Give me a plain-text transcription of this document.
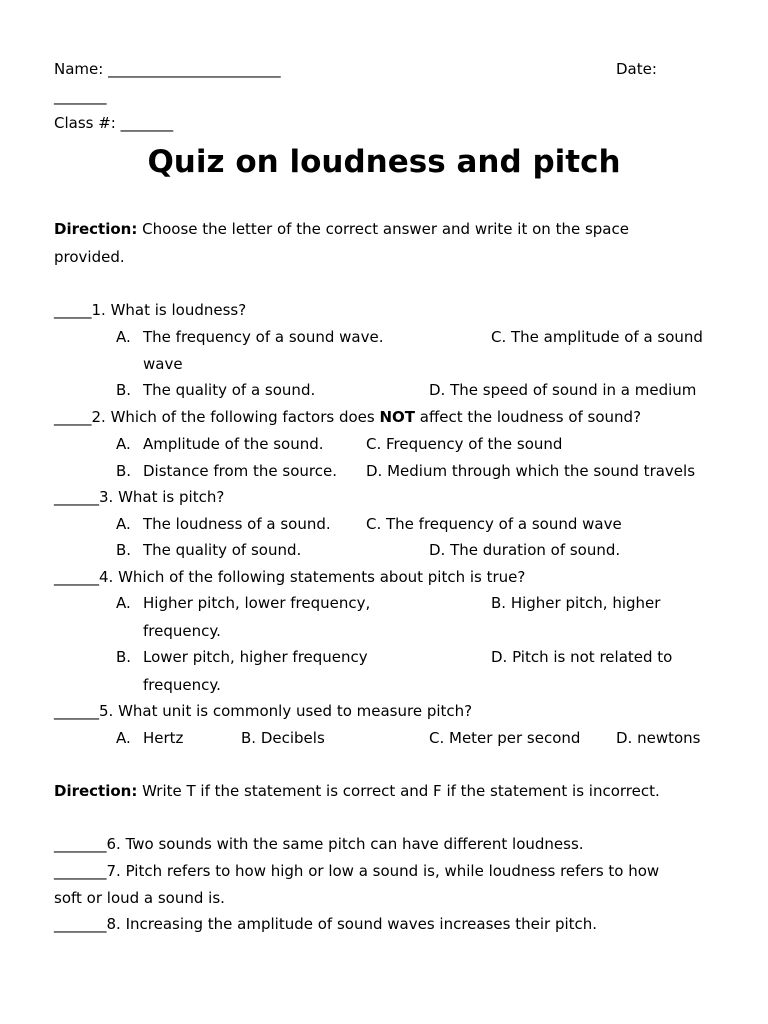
Name: _______________________	Date:
_______
Class #: _______
Quiz on loudness and pitch
Direction: Choose the letter of the correct answer and write it on the space
provided.
_____1. What is loudness?
A. The frequency of a sound wave.	C. The amplitude of a sound
wave
B. The quality of a sound.	D. The speed of sound in a medium
_____2. Which of the following factors does NOT affect the loudness of sound?
A. Amplitude of the sound.	C. Frequency of the sound
B. Distance from the source. D. Medium through which the sound travels
______3. What is pitch?
A. The loudness of a sound. C. The frequency of a sound wave
B. The quality of sound.	D. The duration of sound.
______4. Which of the following statements about pitch is true?
A. Higher pitch, lower frequency,	B. Higher pitch, higher
frequency.
B. Lower pitch, higher frequency	D. Pitch is not related to
frequency.
______5. What unit is commonly used to measure pitch?
A. Hertz	B. Decibels	C. Meter per second D. newtons
Direction: Write T if the statement is correct and F if the statement is incorrect.
_______6. Two sounds with the same pitch can have different loudness.
_______7. Pitch refers to how high or low a sound is, while loudness refers to how
soft or loud a sound is.
_______8. Increasing the amplitude of sound waves increases their pitch.
